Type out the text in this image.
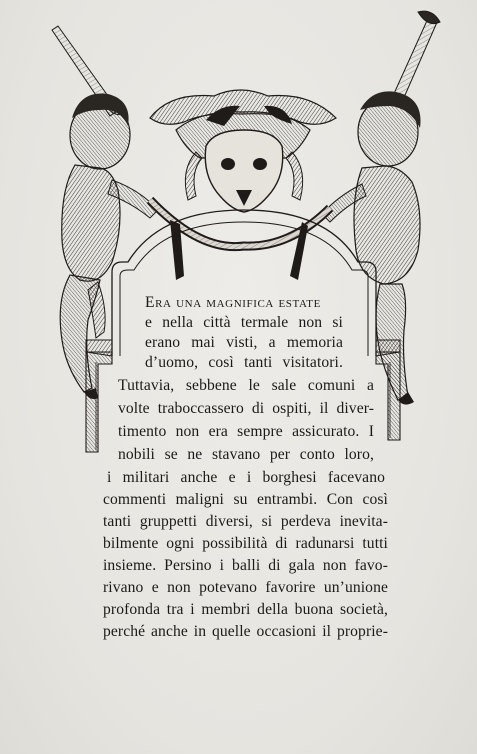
Era una magnifica estate
e nella città termale non si
erano mai visti, a memoria
d’uomo, così tanti visitatori.
Tuttavia, sebbene le sale comuni a
volte traboccassero di ospiti, il diver-
timento non era sempre assicurato. I
nobili se ne stavano per conto loro,
i militari anche e i borghesi facevano
commenti maligni su entrambi. Con così
tanti gruppetti diversi, si perdeva inevita-
bilmente ogni possibilità di radunarsi tutti
insieme. Persino i balli di gala non favo-
rivano e non potevano favorire un’unione
profonda tra i membri della buona società,
perché anche in quelle occasioni il proprie-
